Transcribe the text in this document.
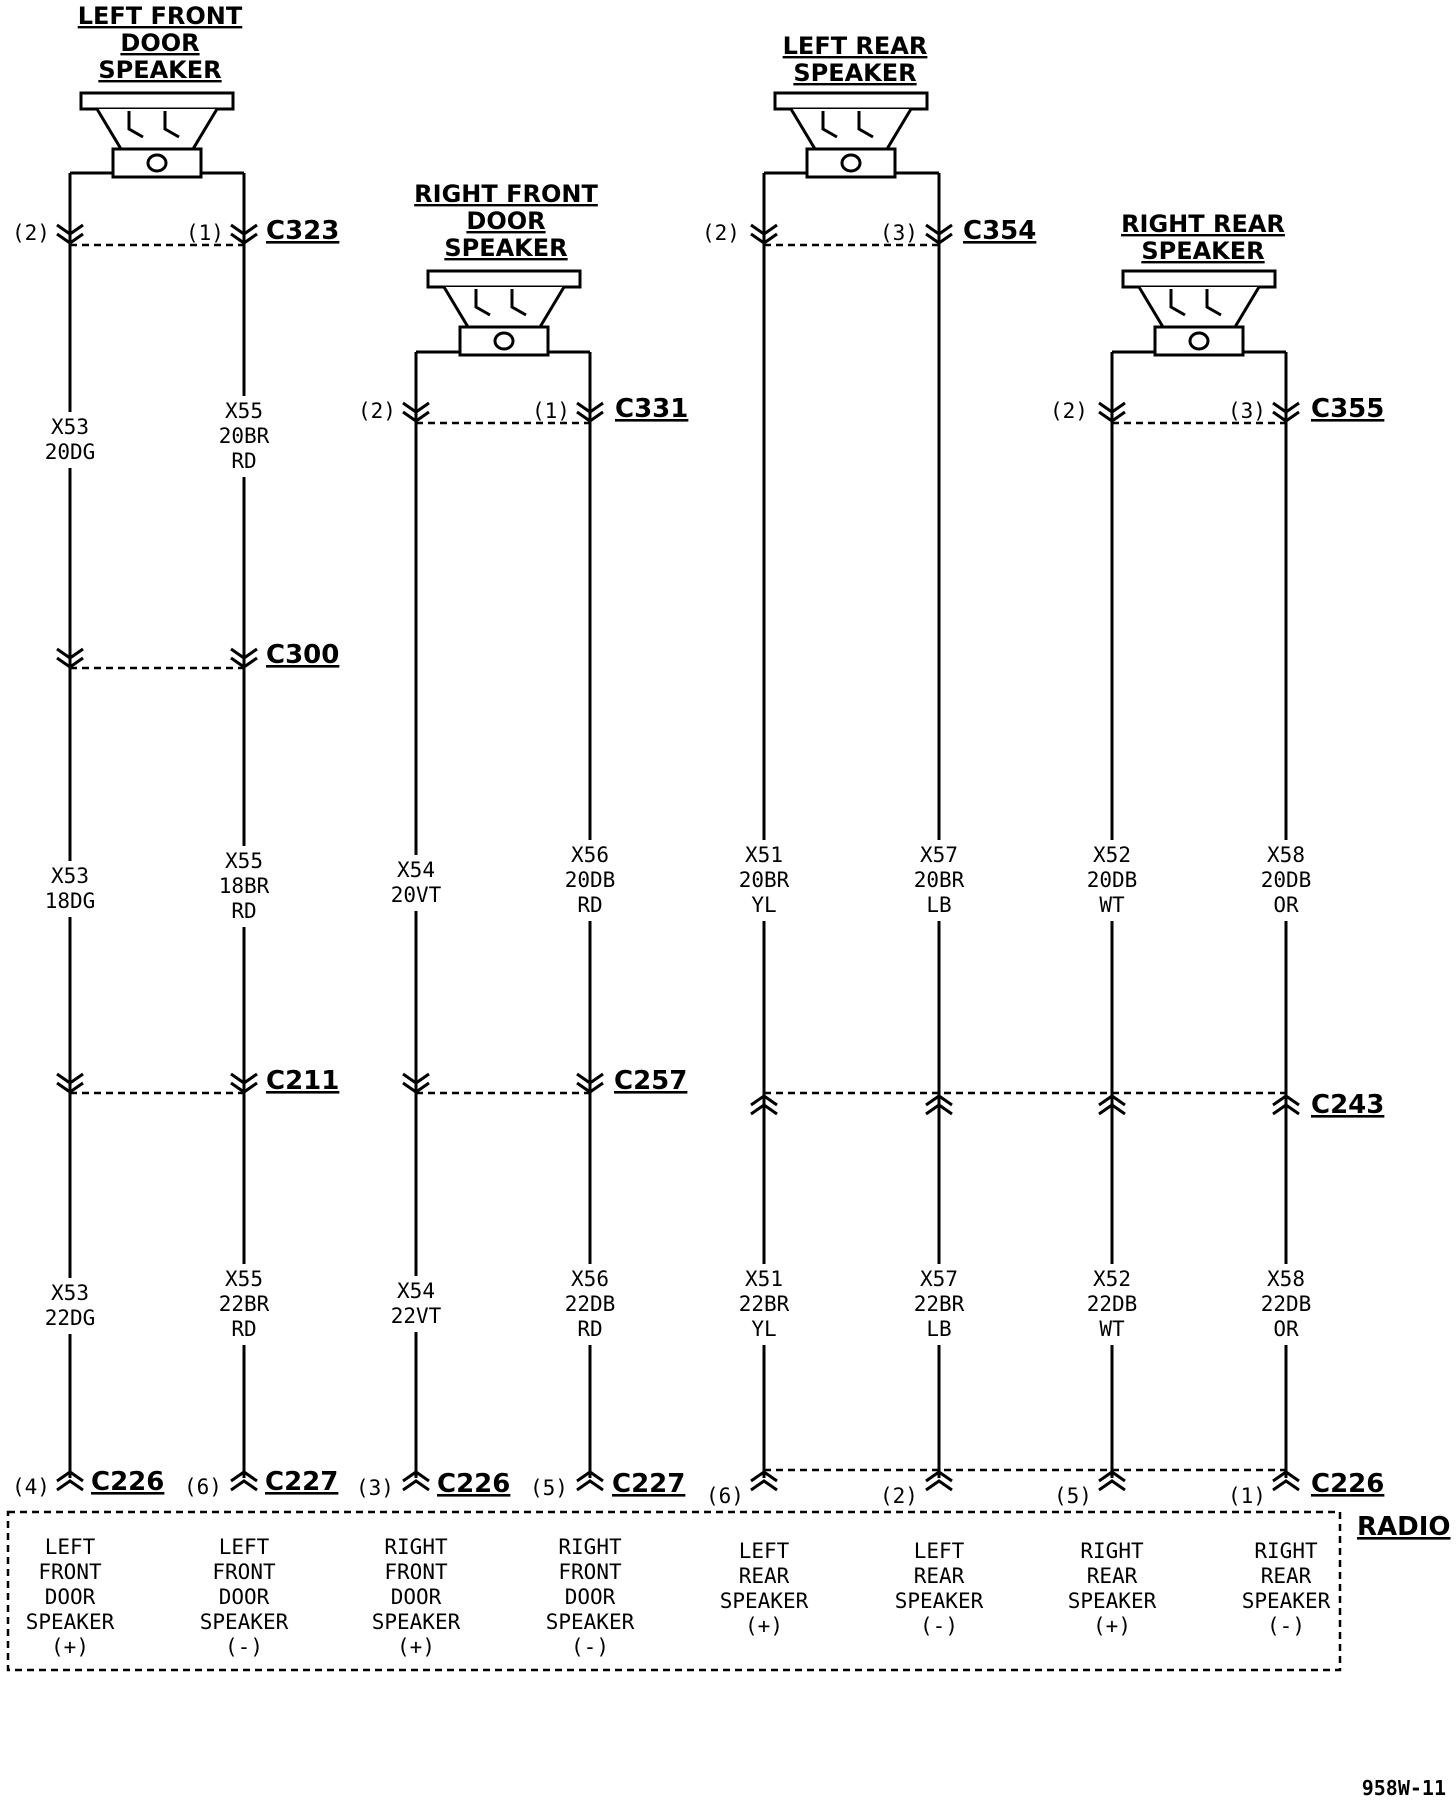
LEFT FRONT
DOOR
SPEAKER
RIGHT FRONT
DOOR
SPEAKER
LEFT REAR
SPEAKER
RIGHT REAR
SPEAKER
C323
C331
C354
C355
C300
C211	C257
C243
C226	C227	C226	C227	C226
(2)	(1)
(2)	(1)
(2)	(3)
(2)	(3)
(4)	(6)	(3)	(5)	(6)	(2)	(5)	(1)
X53
20DG
X55
20BR
RD
X53
18DG
X55
18BR
RD
X54
20VT
X56
20DB
RD
X51
20BR
YL
X57
20BR
LB
X52
20DB
WT
X58
20DB
OR
X53
22DG
X55
22BR
RD
X54
22VT
X56
22DB
RD
X51
22BR
YL
X57
22BR
LB
X52
22DB
WT
X58
22DB
OR
RADIO
LEFT
FRONT
DOOR
SPEAKER
(+)
LEFT
FRONT
DOOR
SPEAKER
(-)
RIGHT
FRONT
DOOR
SPEAKER
(+)
RIGHT
FRONT
DOOR
SPEAKER
(-)
LEFT
REAR
SPEAKER
(+)
LEFT
REAR
SPEAKER
(-)
RIGHT
REAR
SPEAKER
(+)
RIGHT
REAR
SPEAKER
(-)
958W-11
